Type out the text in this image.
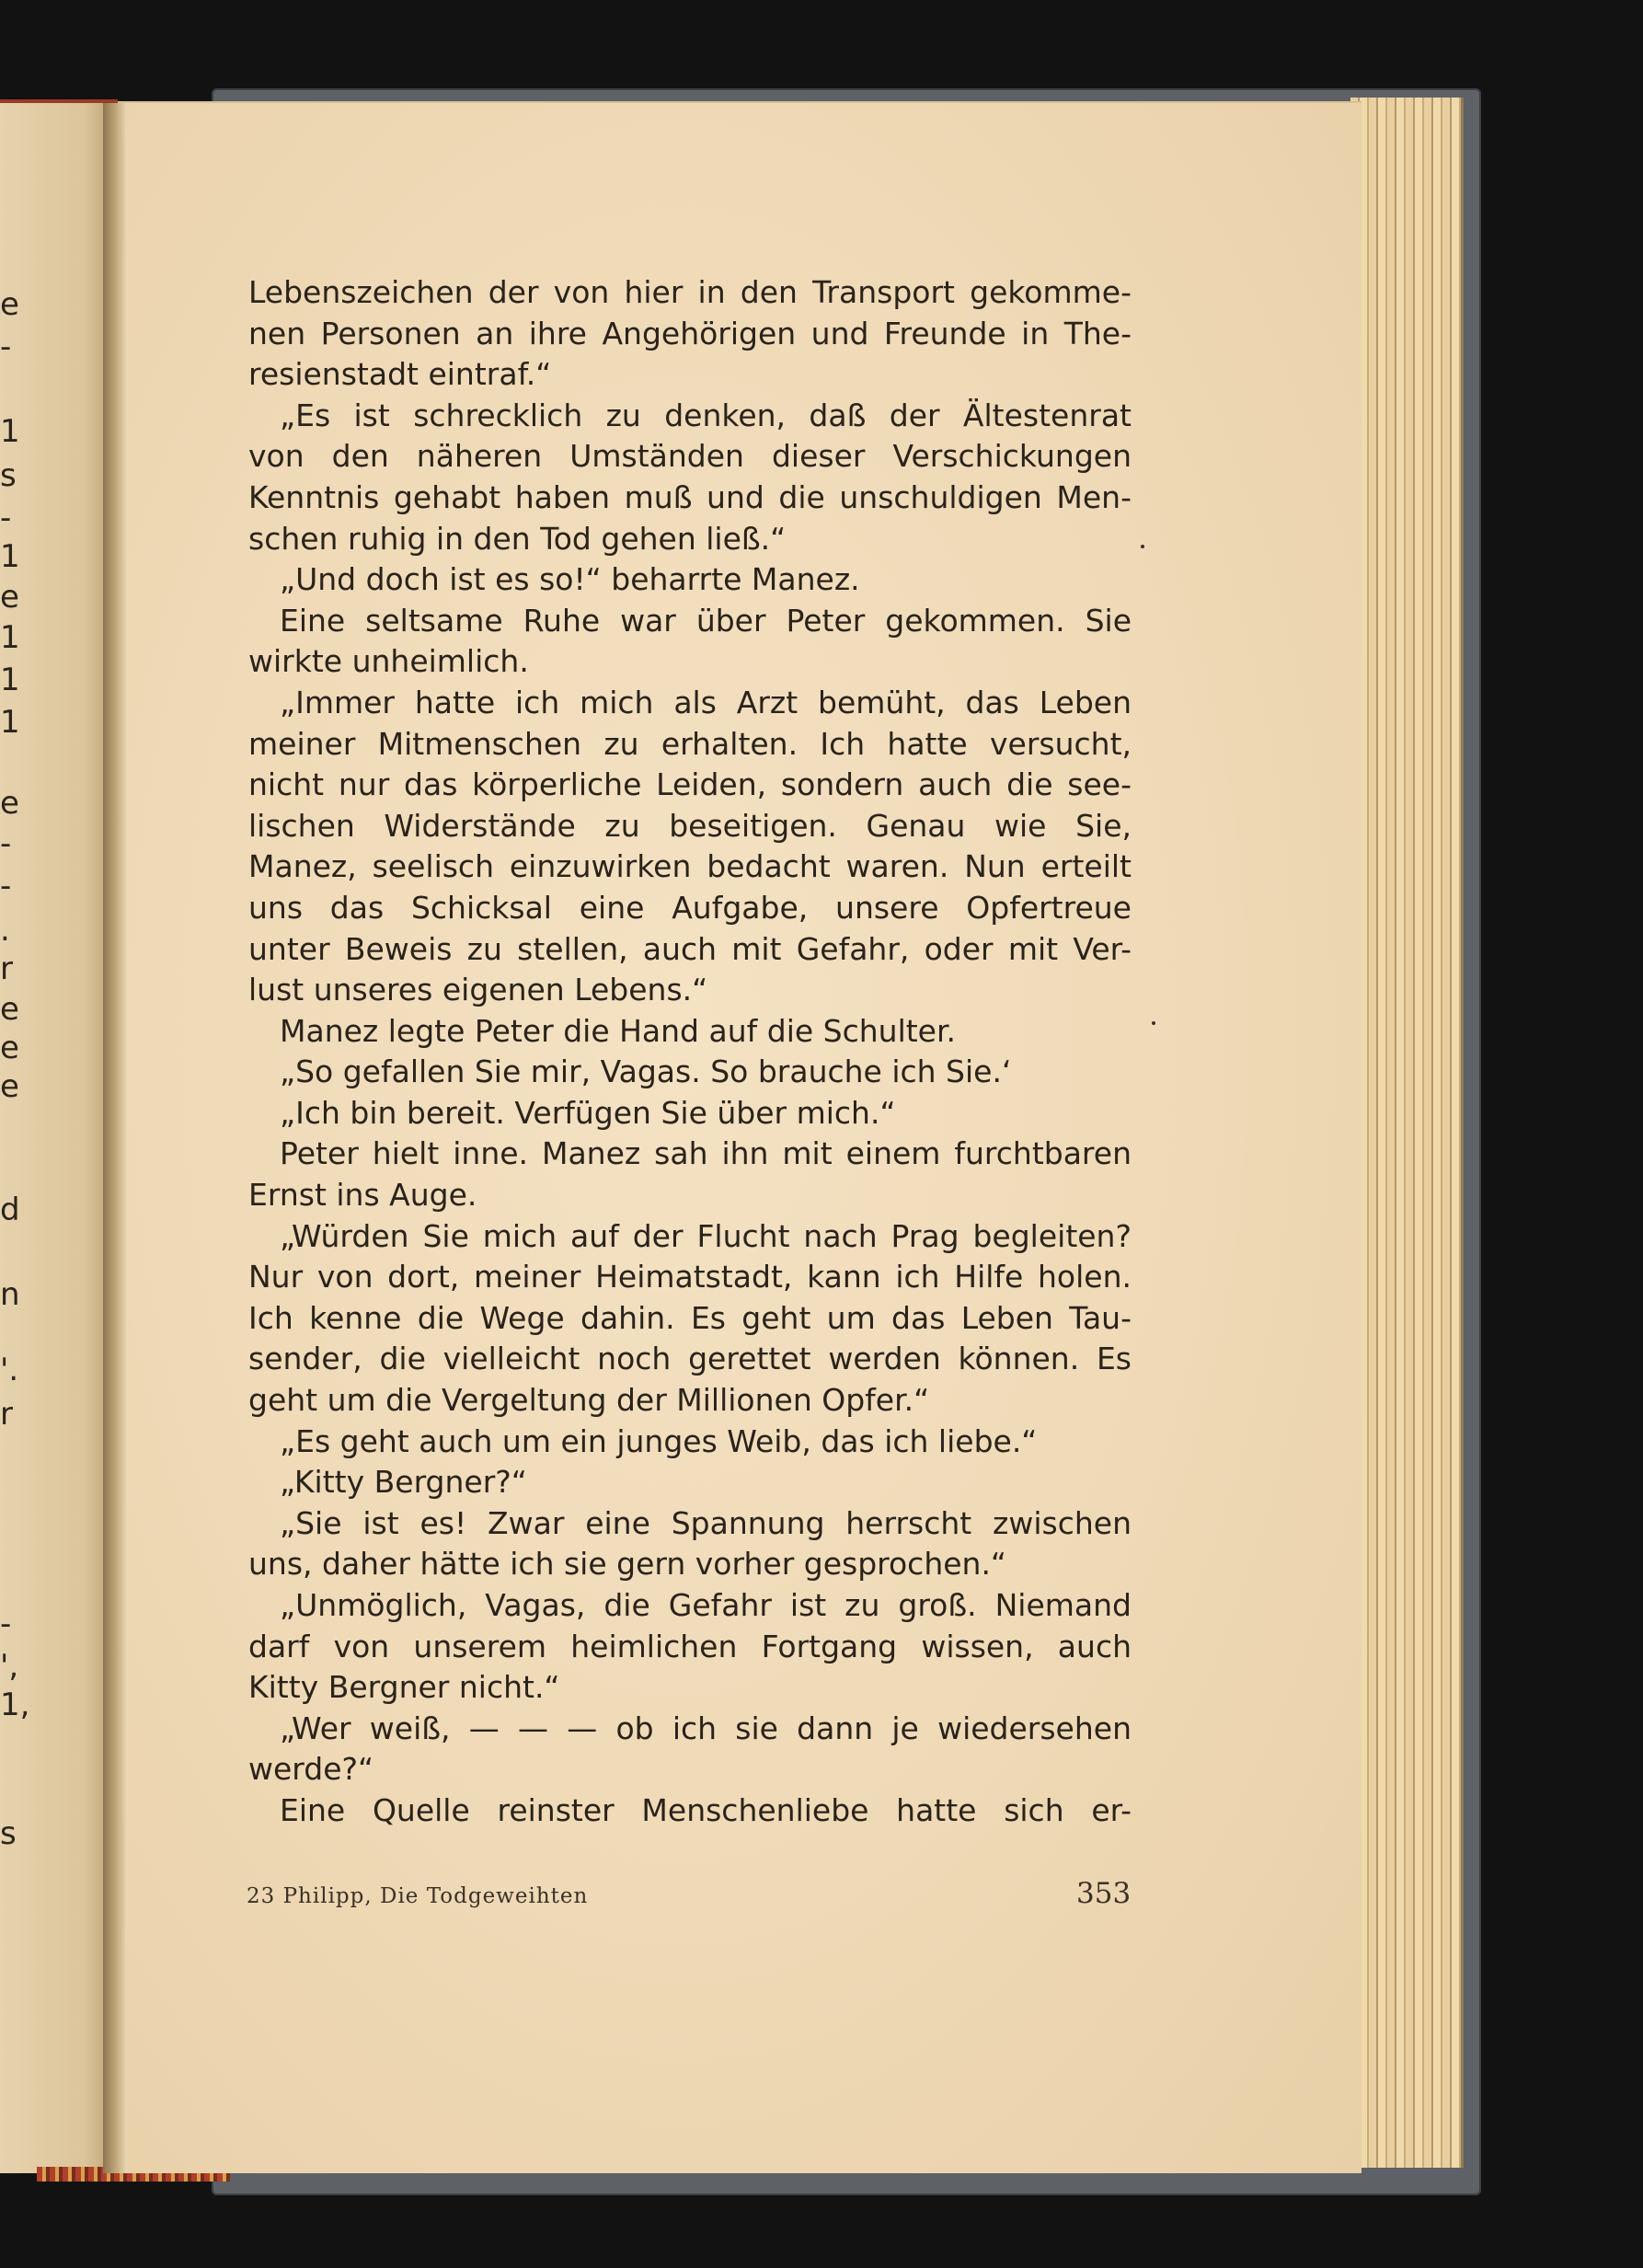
e
-
1
s
-
1
e
1
1
1
e
-
-
.
r
e
e
e
d
n
'.
r
-
',
1,
s
Lebenszeichen der von hier in den Transport gekomme-
nen Personen an ihre Angehörigen und Freunde in The-
resienstadt eintraf.“
„Es ist schrecklich zu denken, daß der Ältestenrat
von den näheren Umständen dieser Verschickungen
Kenntnis gehabt haben muß und die unschuldigen Men-
schen ruhig in den Tod gehen ließ.“
„Und doch ist es so!“ beharrte Manez.
Eine seltsame Ruhe war über Peter gekommen. Sie
wirkte unheimlich.
„Immer hatte ich mich als Arzt bemüht, das Leben
meiner Mitmenschen zu erhalten. Ich hatte versucht,
nicht nur das körperliche Leiden, sondern auch die see-
lischen Widerstände zu beseitigen. Genau wie Sie,
Manez, seelisch einzuwirken bedacht waren. Nun erteilt
uns das Schicksal eine Aufgabe, unsere Opfertreue
unter Beweis zu stellen, auch mit Gefahr, oder mit Ver-
lust unseres eigenen Lebens.“
Manez legte Peter die Hand auf die Schulter.
„So gefallen Sie mir, Vagas. So brauche ich Sie.‘
„Ich bin bereit. Verfügen Sie über mich.“
Peter hielt inne. Manez sah ihn mit einem furchtbaren
Ernst ins Auge.
„Würden Sie mich auf der Flucht nach Prag begleiten?
Nur von dort, meiner Heimatstadt, kann ich Hilfe holen.
Ich kenne die Wege dahin. Es geht um das Leben Tau-
sender, die vielleicht noch gerettet werden können. Es
geht um die Vergeltung der Millionen Opfer.“
„Es geht auch um ein junges Weib, das ich liebe.“
„Kitty Bergner?“
„Sie ist es! Zwar eine Spannung herrscht zwischen
uns, daher hätte ich sie gern vorher gesprochen.“
„Unmöglich, Vagas, die Gefahr ist zu groß. Niemand
darf von unserem heimlichen Fortgang wissen, auch
Kitty Bergner nicht.“
„Wer weiß, — — — ob ich sie dann je wiedersehen
werde?“
Eine Quelle reinster Menschenliebe hatte sich er-
23 Philipp, Die Todgeweihten	353
